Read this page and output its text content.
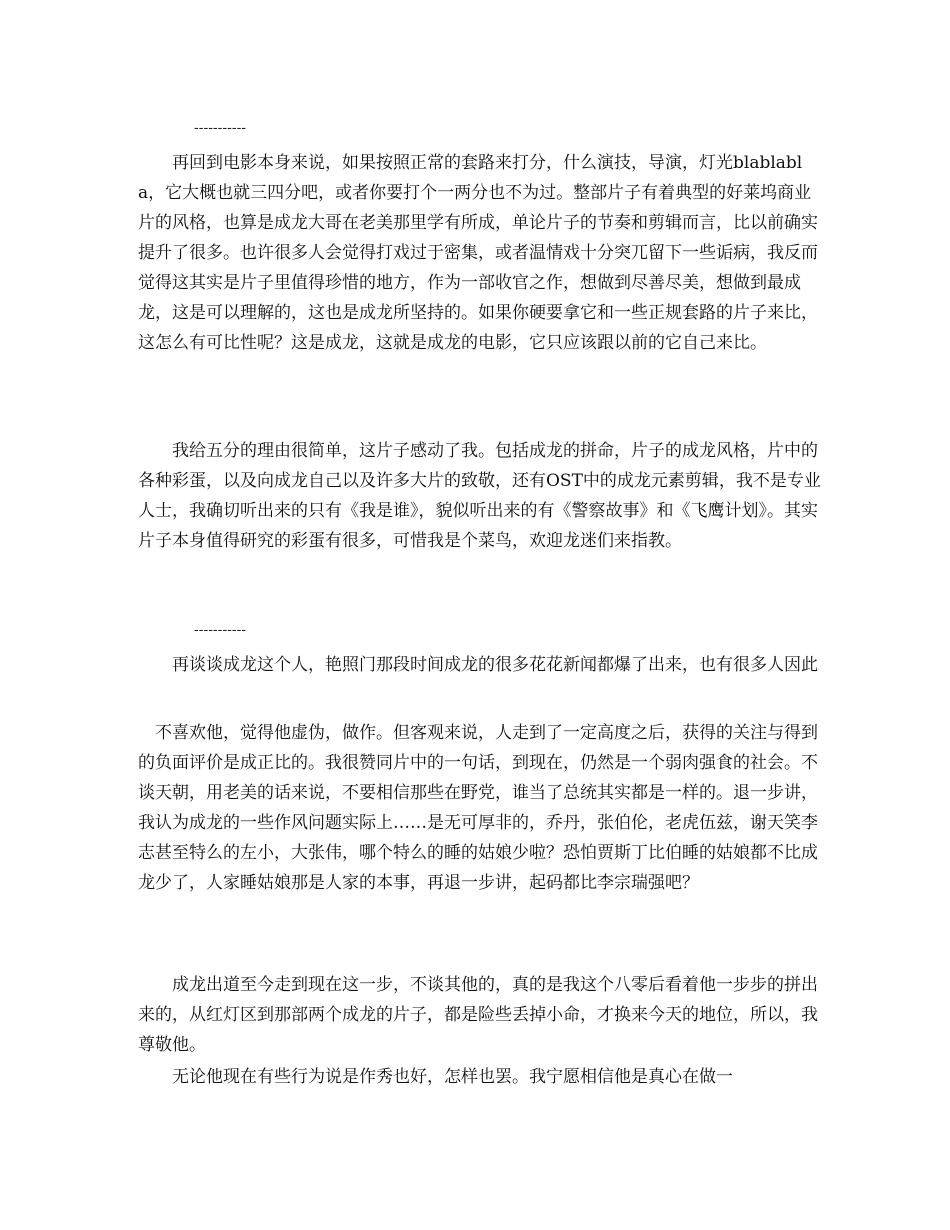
-----------

　　再回到电影本身来说，如果按照正常的套路来打分，什么演技，导演，灯光blablabla，它大概也就三四分吧，或者你要打个一两分也不为过。整部片子有着典型的好莱坞商业片的风格，也算是成龙大哥在老美那里学有所成，单论片子的节奏和剪辑而言，比以前确实提升了很多。也许很多人会觉得打戏过于密集，或者温情戏十分突兀留下一些诟病，我反而觉得这其实是片子里值得珍惜的地方，作为一部收官之作，想做到尽善尽美，想做到最成龙，这是可以理解的，这也是成龙所坚持的。如果你硬要拿它和一些正规套路的片子来比，这怎么有可比性呢？这是成龙，这就是成龙的电影，它只应该跟以前的它自己来比。

　　我给五分的理由很简单，这片子感动了我。包括成龙的拼命，片子的成龙风格，片中的各种彩蛋，以及向成龙自己以及许多大片的致敬，还有OST中的成龙元素剪辑，我不是专业人士，我确切听出来的只有《我是谁》，貌似听出来的有《警察故事》和《飞鹰计划》。其实片子本身值得研究的彩蛋有很多，可惜我是个菜鸟，欢迎龙迷们来指教。

-----------

　　再谈谈成龙这个人，艳照门那段时间成龙的很多花花新闻都爆了出来，也有很多人因此

　不喜欢他，觉得他虚伪，做作。但客观来说，人走到了一定高度之后，获得的关注与得到的负面评价是成正比的。我很赞同片中的一句话，到现在，仍然是一个弱肉强食的社会。不谈天朝，用老美的话来说，不要相信那些在野党，谁当了总统其实都是一样的。退一步讲，我认为成龙的一些作风问题实际上……是无可厚非的，乔丹，张伯伦，老虎伍兹，谢天笑李志甚至特么的左小，大张伟，哪个特么的睡的姑娘少啦？恐怕贾斯丁比伯睡的姑娘都不比成龙少了，人家睡姑娘那是人家的本事，再退一步讲，起码都比李宗瑞强吧？

　　成龙出道至今走到现在这一步，不谈其他的，真的是我这个八零后看着他一步步的拼出来的，从红灯区到那部两个成龙的片子，都是险些丢掉小命，才换来今天的地位，所以，我尊敬他。

　　无论他现在有些行为说是作秀也好，怎样也罢。我宁愿相信他是真心在做一
